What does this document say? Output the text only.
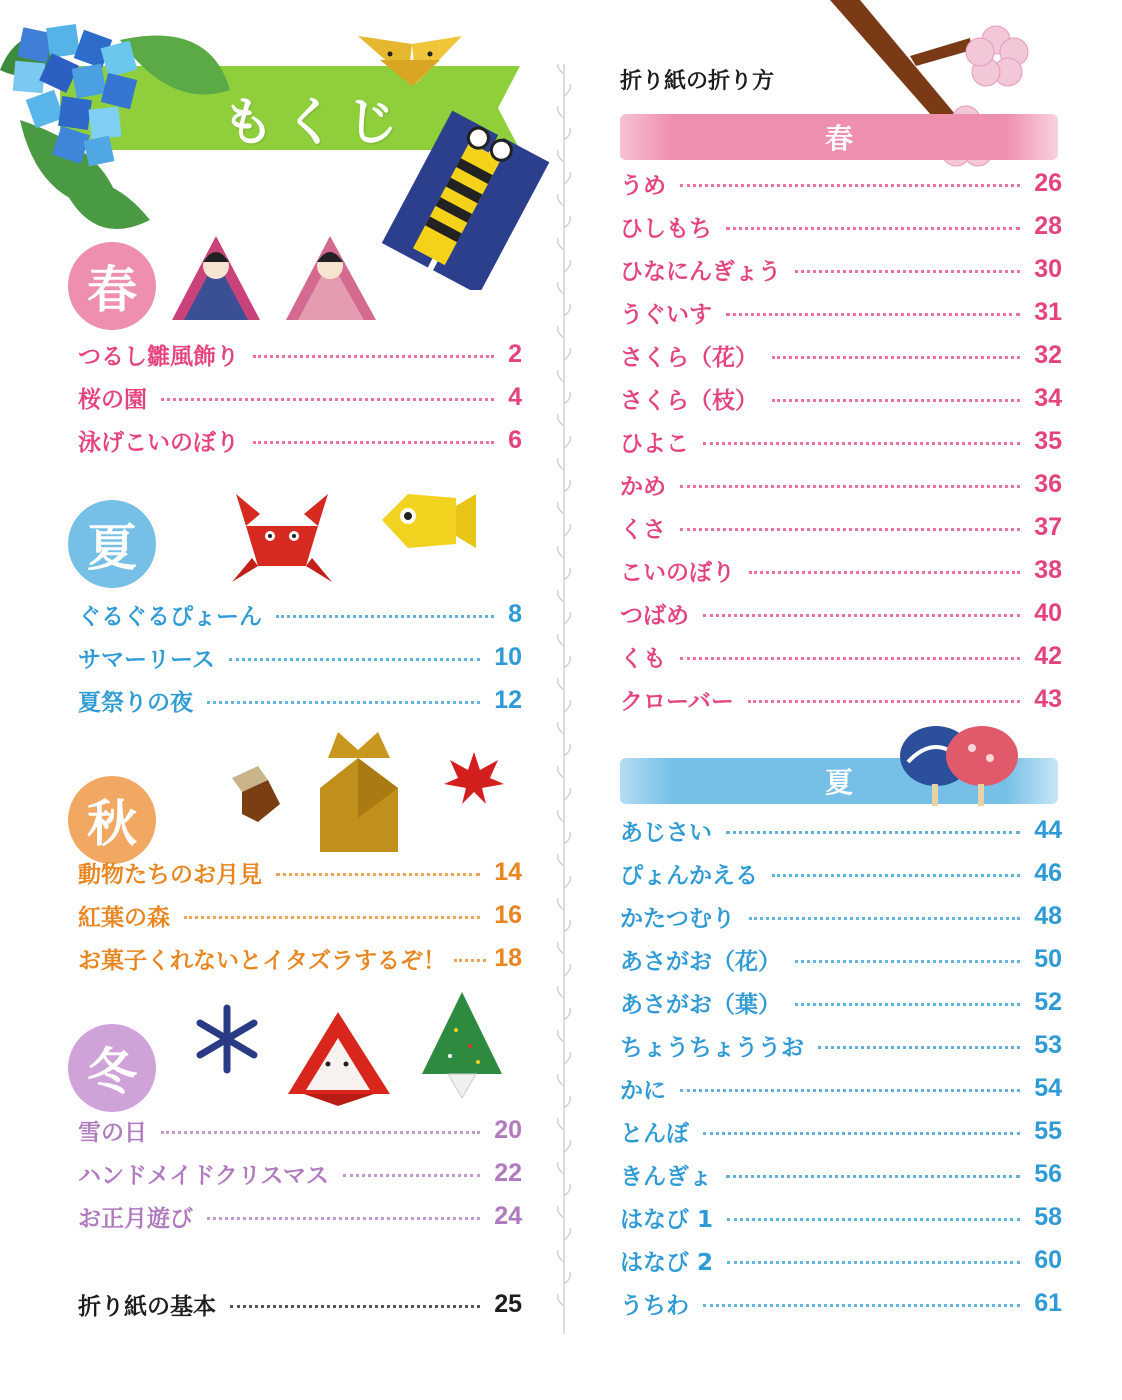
もくじ
春
つるし雛風飾り	2
桜の園	4
泳げこいのぼり	6
夏
ぐるぐるぴょーん	8
サマーリース	10
夏祭りの夜	12
秋
動物たちのお月見	14
紅葉の森	16
お菓子くれないとイタズラするぞ！ 18
冬
雪の日	20
ハンドメイドクリスマス	22
お正月遊び	24
折り紙の基本	25
折り紙の折り方
春
うめ	26
ひしもち	28
ひなにんぎょう	30
うぐいす	31
さくら（花）	32
さくら（枝）	34
ひよこ	35
かめ	36
くさ	37
こいのぼり	38
つばめ	40
くも	42
クローバー	43
夏
あじさい	44
ぴょんかえる	46
かたつむり	48
あさがお（花）	50
あさがお（葉）	52
ちょうちょううお	53
かに	54
とんぼ	55
きんぎょ	56
はなび 1	58
はなび 2	60
うちわ	61
